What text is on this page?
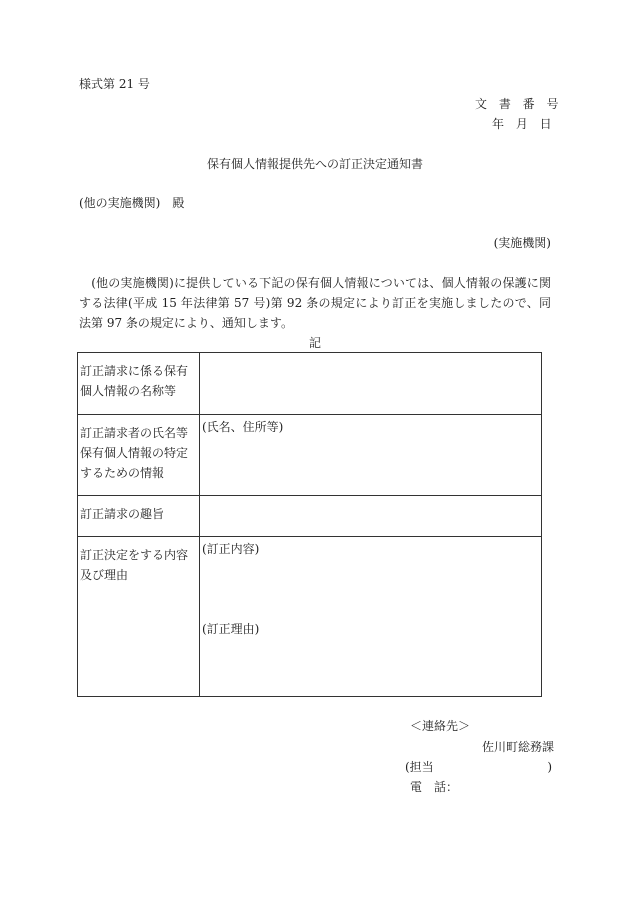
様式第 21 号
文 書 番 号
年 月 日
保有個人情報提供先への訂正決定通知書
(他の実施機関)　殿
(実施機関)
　(他の実施機関)に提供している下記の保有個人情報については、個人情報の保護に関する法律(平成 15 年法律第 57 号)第 92 条の規定により訂正を実施しましたので、同法第 97 条の規定により、通知します。
記
訂正請求に係る保有個人情報の名称等	
訂正請求者の氏名等保有個人情報の特定するための情報	(氏名、住所等)
訂正請求の趣旨	
訂正決定をする内容及び理由	(訂正内容)
(訂正理由)
＜連絡先＞
佐川町総務課
(担当	)
電　話：
